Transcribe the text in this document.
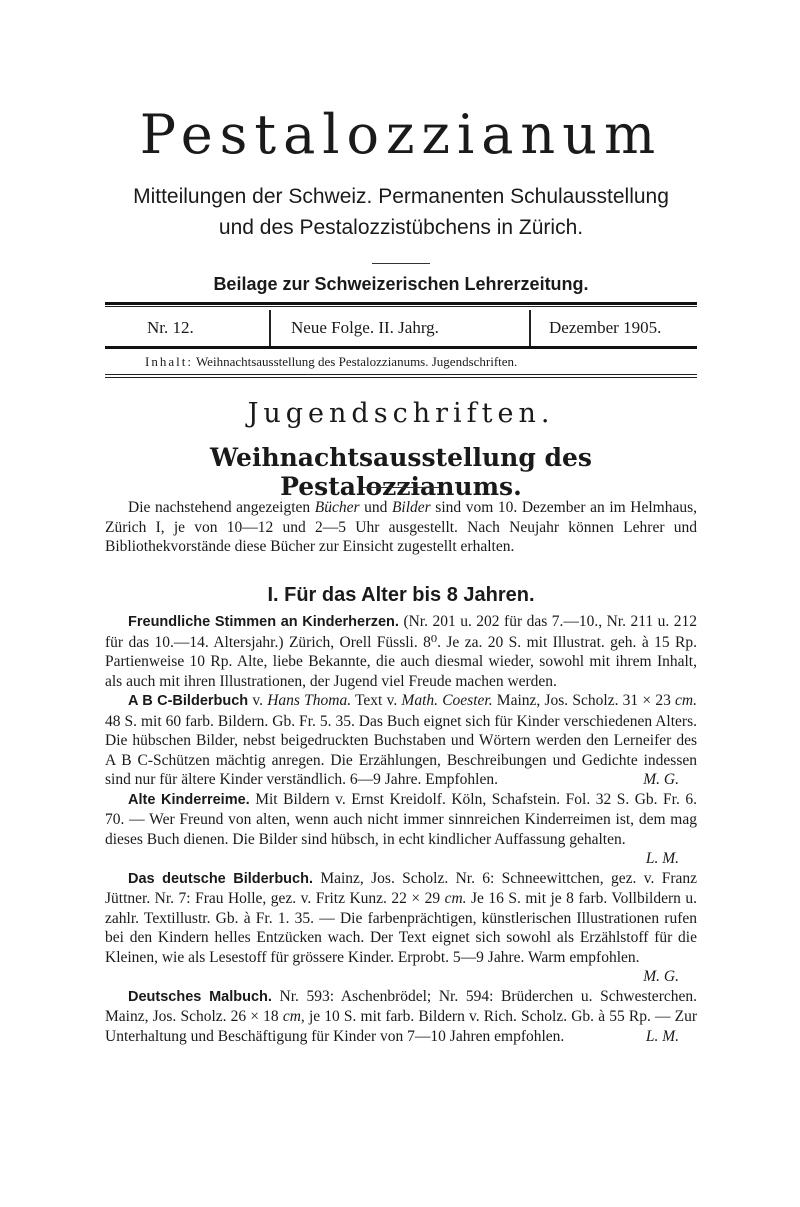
Pestalozzianum
Mitteilungen der Schweiz. Permanenten Schulausstellung
und des Pestalozzistübchens in Zürich.
Beilage zur Schweizerischen Lehrerzeitung.
Nr. 12.	Neue Folge. II. Jahrg.	Dezember 1905.
Inhalt: Weihnachtsausstellung des Pestalozzianums. Jugendschriften.
Jugendschriften.
Weihnachtsausstellung des Pestalozzianums.

Die nachstehend angezeigten Bücher und Bilder sind vom 10. Dezember an im Helmhaus, Zürich I, je von 10—12 und 2—5 Uhr ausgestellt. Nach Neujahr können Lehrer und Bibliothekvorstände diese Bücher zur Einsicht zugestellt erhalten.

I. Für das Alter bis 8 Jahren.

Freundliche Stimmen an Kinderherzen. (Nr. 201 u. 202 für das 7.—10., Nr. 211 u. 212 für das 10.—14. Altersjahr.) Zürich, Orell Füssli. 8⁰. Je za. 20 S. mit Illustrat. geh. à 15 Rp. Partienweise 10 Rp. Alte, liebe Bekannte, die auch diesmal wieder, sowohl mit ihrem Inhalt, als auch mit ihren Illustrationen, der Jugend viel Freude machen werden.

A B C-Bilderbuch v. Hans Thoma. Text v. Math. Coester. Mainz, Jos. Scholz. 31 × 23 cm. 48 S. mit 60 farb. Bildern. Gb. Fr. 5. 35. Das Buch eignet sich für Kinder verschiedenen Alters. Die hübschen Bilder, nebst beigedruckten Buchstaben und Wörtern werden den Lerneifer des A B C-Schützen mächtig anregen. Die Erzählungen, Beschreibungen und Gedichte indessen sind nur für ältere Kinder verständlich. 6—9 Jahre. Empfohlen.	M. G.

Alte Kinderreime. Mit Bildern v. Ernst Kreidolf. Köln, Schafstein. Fol. 32 S. Gb. Fr. 6. 70. — Wer Freund von alten, wenn auch nicht immer sinnreichen Kinderreimen ist, dem mag dieses Buch dienen. Die Bilder sind hübsch, in echt kindlicher Auffassung gehalten.
L. M.

Das deutsche Bilderbuch. Mainz, Jos. Scholz. Nr. 6: Schneewittchen, gez. v. Franz Jüttner. Nr. 7: Frau Holle, gez. v. Fritz Kunz. 22 × 29 cm. Je 16 S. mit je 8 farb. Vollbildern u. zahlr. Textillustr. Gb. à Fr. 1. 35. — Die farbenprächtigen, künstlerischen Illustrationen rufen bei den Kindern helles Entzücken wach. Der Text eignet sich sowohl als Erzählstoff für die Kleinen, wie als Lesestoff für grössere Kinder. Erprobt. 5—9 Jahre. Warm empfohlen.
M. G.

Deutsches Malbuch. Nr. 593: Aschenbrödel; Nr. 594: Brüderchen u. Schwesterchen. Mainz, Jos. Scholz. 26 × 18 cm, je 10 S. mit farb. Bildern v. Rich. Scholz. Gb. à 55 Rp. — Zur Unterhaltung und Beschäftigung für Kinder von 7—10 Jahren empfohlen.	L. M.
